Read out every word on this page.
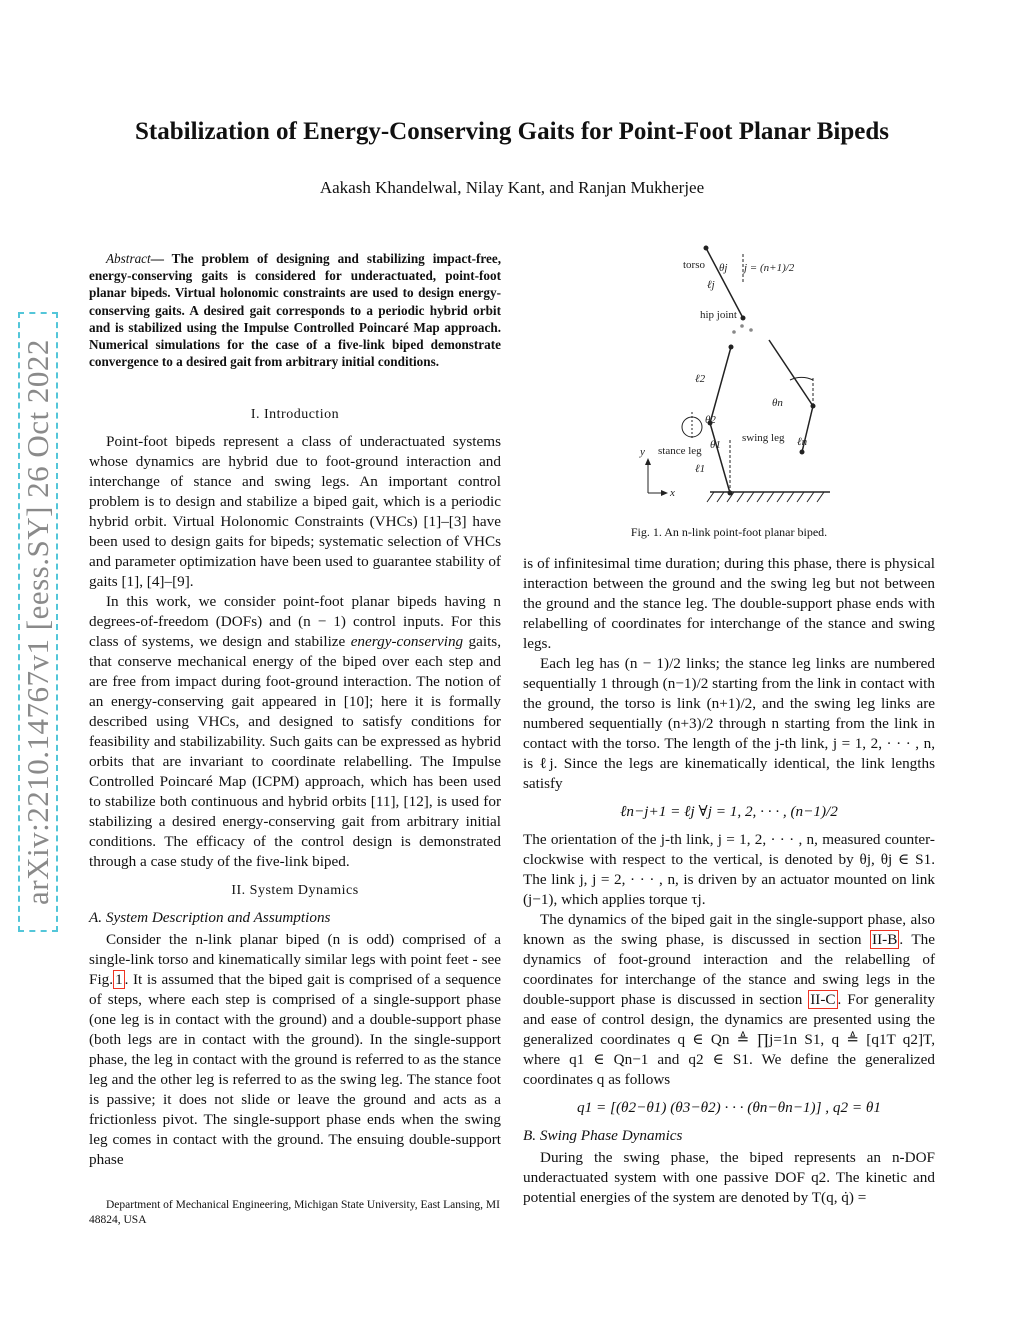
arXiv:2210.14767v1 [eess.SY] 26 Oct 2022
Stabilization of Energy-Conserving Gaits for Point-Foot Planar Bipeds
Aakash Khandelwal, Nilay Kant, and Ranjan Mukherjee
Abstract— The problem of designing and stabilizing impact-free, energy-conserving gaits is considered for underactuated, point-foot planar bipeds. Virtual holonomic constraints are used to design energy-conserving gaits. A desired gait corresponds to a periodic hybrid orbit and is stabilized using the Impulse Controlled Poincaré Map approach. Numerical simulations for the case of a five-link biped demonstrate convergence to a desired gait from arbitrary initial conditions.
I. Introduction

Point-foot bipeds represent a class of underactuated systems whose dynamics are hybrid due to foot-ground interaction and interchange of stance and swing legs. An important control problem is to design and stabilize a biped gait, which is a periodic hybrid orbit. Virtual Holonomic Constraints (VHCs) [1]–[3] have been used to design gaits for bipeds; systematic selection of VHCs and parameter optimization have been used to guarantee stability of gaits [1], [4]–[9].

In this work, we consider point-foot planar bipeds having n degrees-of-freedom (DOFs) and (n − 1) control inputs. For this class of systems, we design and stabilize energy-conserving gaits, that conserve mechanical energy of the biped over each step and are free from impact during foot-ground interaction. The notion of an energy-conserving gait appeared in [10]; here it is formally described using VHCs, and designed to satisfy conditions for feasibility and stabilizability. Such gaits can be expressed as hybrid orbits that are invariant to coordinate relabelling. The Impulse Controlled Poincaré Map (ICPM) approach, which has been used to stabilize both continuous and hybrid orbits [11], [12], is used for stabilizing a desired energy-conserving gait from arbitrary initial conditions. The efficacy of the control design is demonstrated through a case study of the five-link biped.

II. System Dynamics
A. System Description and Assumptions

Consider the n-link planar biped (n is odd) comprised of a single-link torso and kinematically similar legs with point feet - see Fig. 1 . It is assumed that the biped gait is comprised of a sequence of steps, where each step is comprised of a single-support phase (one leg is in contact with the ground) and a double-support phase (both legs are in contact with the ground). In the single-support phase, the leg in contact with the ground is referred to as the stance leg and the other leg is referred to as the swing leg. The stance foot is passive; it does not slide or leave the ground and acts as a frictionless pivot. The single-support phase ends when the swing leg comes in contact with the ground. The ensuing double-support phase

Department of Mechanical Engineering, Michigan State University, East Lansing, MI 48824, USA
torso θj j = (n+1)/2
ℓj
hip joint
ℓ2
θn
θ2
swing leg ℓn
stance leg θ1
y
ℓ1
x
Fig. 1. An n-link point-foot planar biped.

is of infinitesimal time duration; during this phase, there is physical interaction between the ground and the swing leg but not between the ground and the stance leg. The double-support phase ends with relabelling of coordinates for interchange of the stance and swing legs.

Each leg has (n − 1)/2 links; the stance leg links are numbered sequentially 1 through (n−1)/2 starting from the link in contact with the ground, the torso is link (n+1)/2, and the swing leg links are numbered sequentially (n+3)/2 through n starting from the link in contact with the torso. The length of the j-th link, j = 1, 2, · · · , n, is ℓj. Since the legs are kinematically identical, the link lengths satisfy

ℓn−j+1 = ℓj ∀j = 1, 2, · · · , (n−1)/2

The orientation of the j-th link, j = 1, 2, · · · , n, measured counter-clockwise with respect to the vertical, is denoted by θj, θj ∈ S1. The link j, j = 2, · · · , n, is driven by an actuator mounted on link (j−1), which applies torque τj.

The dynamics of the biped gait in the single-support phase, also known as the swing phase, is discussed in section II-B . The dynamics of foot-ground interaction and the relabelling of coordinates for interchange of the stance and swing legs in the double-support phase is discussed in section II-C . For generality and ease of control design, the dynamics are presented using the generalized coordinates q ∈ Qn ≜ ∏j=1n S1, q ≜ [q1T q2]T, where q1 ∈ Qn−1 and q2 ∈ S1. We define the generalized coordinates q as follows

q1 = [(θ2−θ1) (θ3−θ2) · · · (θn−θn−1)] , q2 = θ1
B. Swing Phase Dynamics

During the swing phase, the biped represents an n-DOF underactuated system with one passive DOF q2. The kinetic and potential energies of the system are denoted by T(q, q̇) =
